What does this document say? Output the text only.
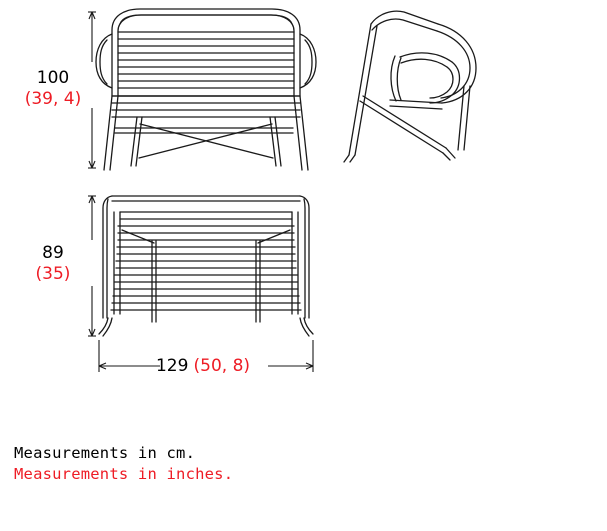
100
(39, 4)
89
(35)
129 (50, 8)
Measurements in cm.
Measurements in inches.
